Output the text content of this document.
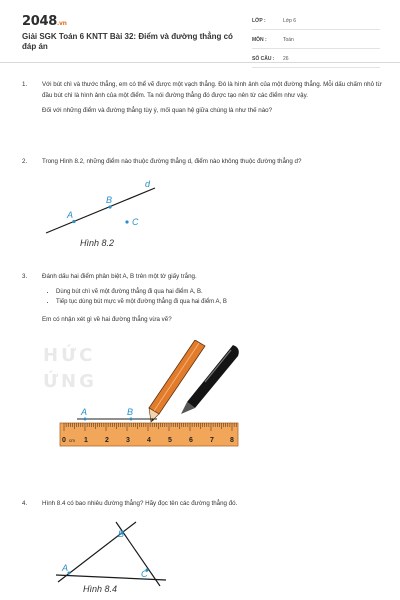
2048.vn
Giải SGK Toán 6 KNTT Bài 32: Điểm và đường thẳng có đáp án
LỚP :	Lớp 6
MÔN :	Toán
SỐ CÂU : 26
1. Với bút chì và thước thẳng, em có thể vẽ được một vạch thẳng. Đó là hình ảnh của một đường thẳng. Mỗi dấu chấm nhỏ từ đầu bút chì là hình ảnh của một điểm. Ta nói đường thẳng đó được tạo nên từ các điểm như vậy.
Đối với những điểm và đường thẳng tùy ý, mối quan hệ giữa chúng là như thế nào?
2. Trong Hình 8.2, những điểm nào thuộc đường thẳng d, điểm nào không thuộc đường thẳng d?
d
A
B
C
Hình 8.2
3. Đánh dấu hai điểm phân biệt A, B trên một tờ giấy trắng.
• Dùng bút chì vẽ một đường thẳng đi qua hai điểm A, B.
• Tiếp tục dùng bút mực vẽ một đường thẳng đi qua hai điểm A, B
Em có nhận xét gì về hai đường thẳng vừa vẽ?
HỨC
ỨNG
A	B
0 cm 1 2 3 4 5 6 7 8
4. Hình 8.4 có bao nhiêu đường thẳng? Hãy đọc tên các đường thẳng đó.
A
B
C
Hình 8.4
